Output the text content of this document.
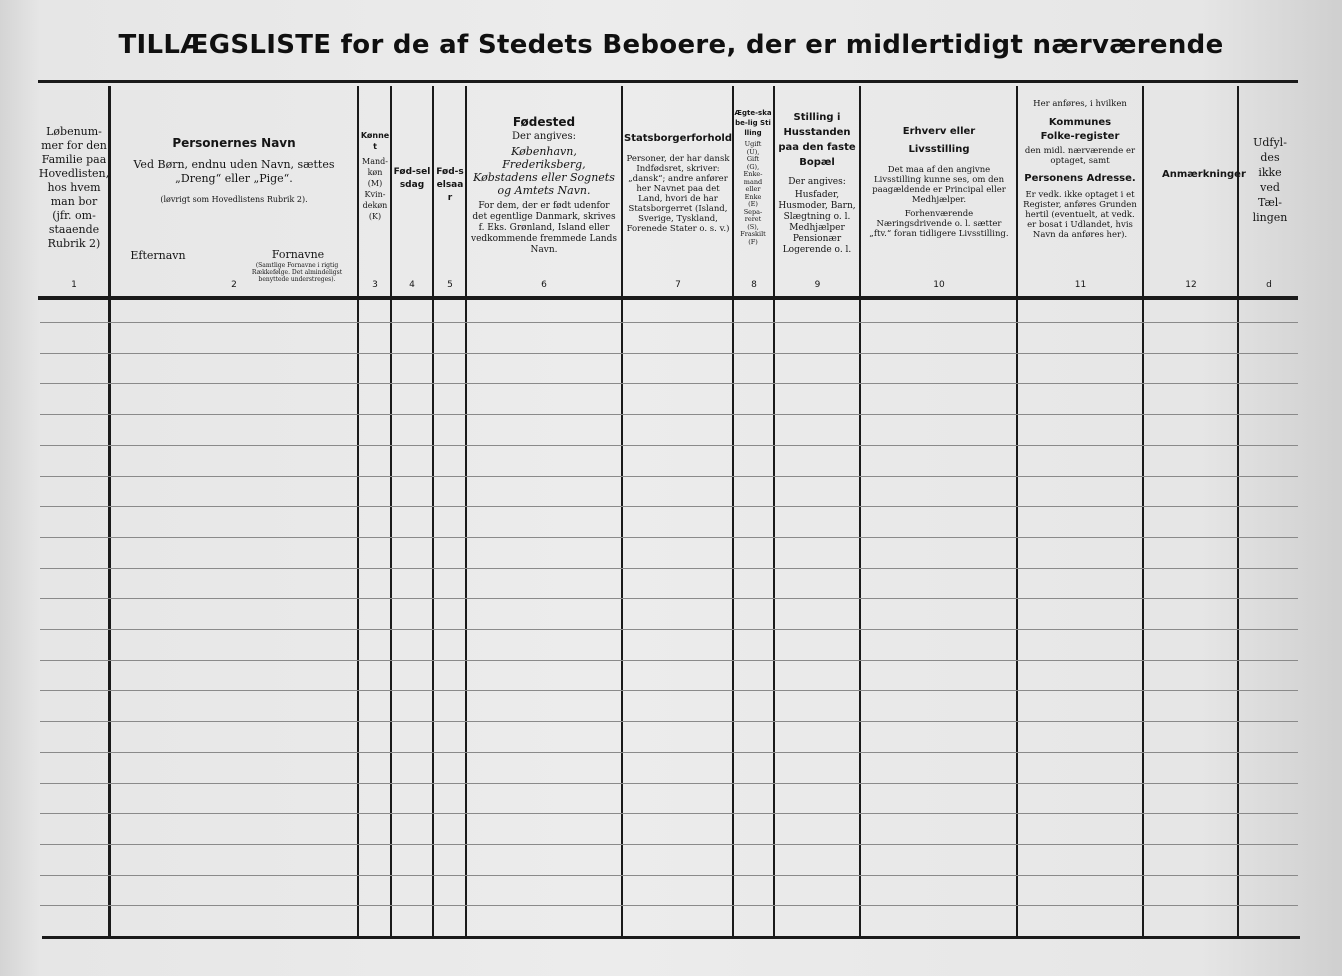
TILLÆGSLISTE for de af Stedets Beboere, der er midlertidigt nærværende
Løbenum-
mer for den
Familie paa
Hovedlisten,
hos hvem
man bor
(jfr. om-
staaende
Rubrik 2)
Personernes Navn
Ved Børn, endnu uden Navn, sættes „Dreng“ eller „Pige“.
(løvrigt som Hovedlistens Rubrik 2).
Efternavn	Fornavne
(Samtlige Fornavne i rigtig Rækkefølge. Det almindeligst benyttede understreges).
Kønnet
Mand-
køn
(M)
Kvin-
dekøn
(K)
Fød-selsdag
Fød-selsaar
Fødested
Der angives:
København, Frederiksberg, Købstadens eller Sognets og Amtets Navn.
For dem, der er født udenfor det egentlige Danmark, skrives f. Eks. Grønland, Island eller vedkommende fremmede Lands Navn.
Statsborgerforhold
Personer, der har dansk Indfødsret, skriver: „dansk“; andre anfører her Navnet paa det Land, hvori de har Statsborgerret (Island, Sverige, Tyskland, Forenede Stater o. s. v.)
Ægte-skabe-lig Stilling
Ugift
(U),
Gift
(G),
Enke-
mand
eller
Enke
(E)
Sepa-
reret
(S),
Fraskilt
(F)
Stilling i Husstanden paa den faste Bopæl
Der angives:
Husfader, Husmoder, Barn, Slægtning o. l. Medhjælper Pensionær Logerende o. l.
Erhverv eller Livsstilling
Det maa af den angivne Livsstilling kunne ses, om den paagældende er Principal eller Medhjælper.
Forhenværende Næringsdrivende o. l. sætter „ftv.“ foran tidligere Livsstilling.
Her anføres, i hvilken
Kommunes Folke-register
den midl. nærværende er optaget, samt
Personens Adresse.
Er vedk. ikke optaget i et Register, anføres Grunden hertil (eventuelt, at vedk. er bosat i Udlandet, hvis Navn da anføres her).
Anmærkninger
Udfyl-
des
ikke
ved
Tæl-
lingen
1	2	3	4	5	6	7	8	9	10	11	12	d
